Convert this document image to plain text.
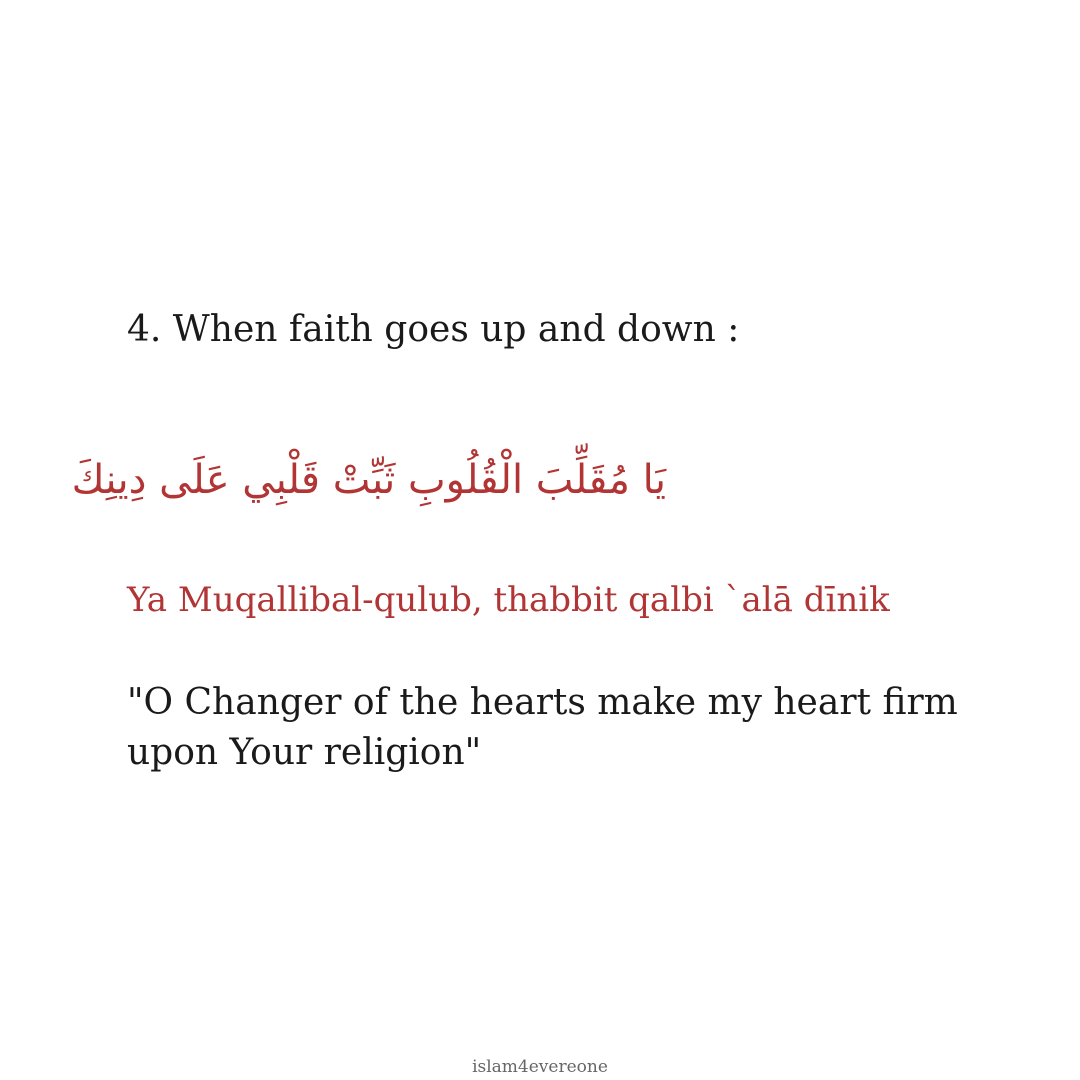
4. When faith goes up and down :

يَا مُقَلِّبَ الْقُلُوبِ ثَبِّتْ قَلْبِي عَلَى دِينِكَ

Ya Muqallibal-qulub, thabbit qalbi `alā dīnik

"O Changer of the hearts make my heart firm upon Your religion"

islam4evereone
